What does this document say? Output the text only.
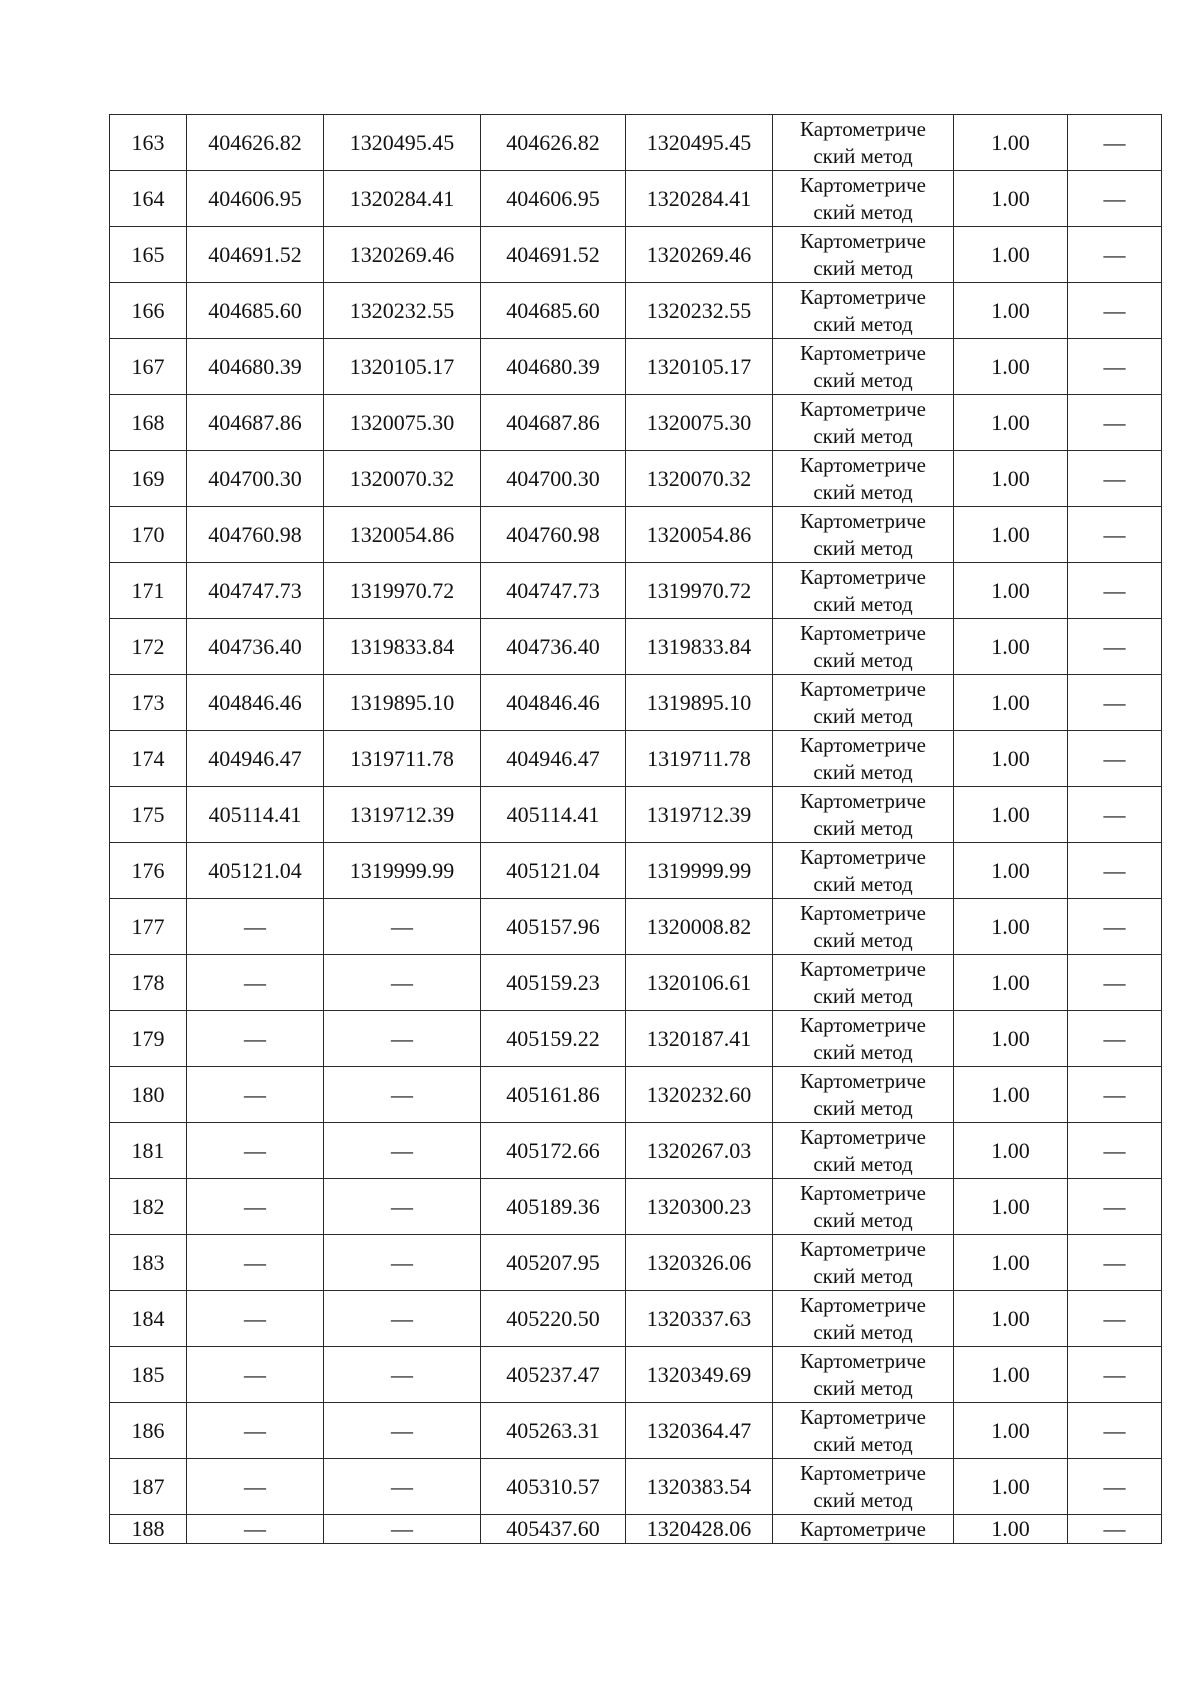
163	404626.82	1320495.45	404626.82	1320495.45	Картометриче
ский метод	1.00	—
164	404606.95	1320284.41	404606.95	1320284.41	Картометриче
ский метод	1.00	—
165	404691.52	1320269.46	404691.52	1320269.46	Картометриче
ский метод	1.00	—
166	404685.60	1320232.55	404685.60	1320232.55	Картометриче
ский метод	1.00	—
167	404680.39	1320105.17	404680.39	1320105.17	Картометриче
ский метод	1.00	—
168	404687.86	1320075.30	404687.86	1320075.30	Картометриче
ский метод	1.00	—
169	404700.30	1320070.32	404700.30	1320070.32	Картометриче
ский метод	1.00	—
170	404760.98	1320054.86	404760.98	1320054.86	Картометриче
ский метод	1.00	—
171	404747.73	1319970.72	404747.73	1319970.72	Картометриче
ский метод	1.00	—
172	404736.40	1319833.84	404736.40	1319833.84	Картометриче
ский метод	1.00	—
173	404846.46	1319895.10	404846.46	1319895.10	Картометриче
ский метод	1.00	—
174	404946.47	1319711.78	404946.47	1319711.78	Картометриче
ский метод	1.00	—
175	405114.41	1319712.39	405114.41	1319712.39	Картометриче
ский метод	1.00	—
176	405121.04	1319999.99	405121.04	1319999.99	Картометриче
ский метод	1.00	—
177	—	—	405157.96	1320008.82	Картометриче
ский метод	1.00	—
178	—	—	405159.23	1320106.61	Картометриче
ский метод	1.00	—
179	—	—	405159.22	1320187.41	Картометриче
ский метод	1.00	—
180	—	—	405161.86	1320232.60	Картометриче
ский метод	1.00	—
181	—	—	405172.66	1320267.03	Картометриче
ский метод	1.00	—
182	—	—	405189.36	1320300.23	Картометриче
ский метод	1.00	—
183	—	—	405207.95	1320326.06	Картометриче
ский метод	1.00	—
184	—	—	405220.50	1320337.63	Картометриче
ский метод	1.00	—
185	—	—	405237.47	1320349.69	Картометриче
ский метод	1.00	—
186	—	—	405263.31	1320364.47	Картометриче
ский метод	1.00	—
187	—	—	405310.57	1320383.54	Картометриче
ский метод	1.00	—
188	—	—	405437.60	1320428.06	Картометриче	1.00	—
